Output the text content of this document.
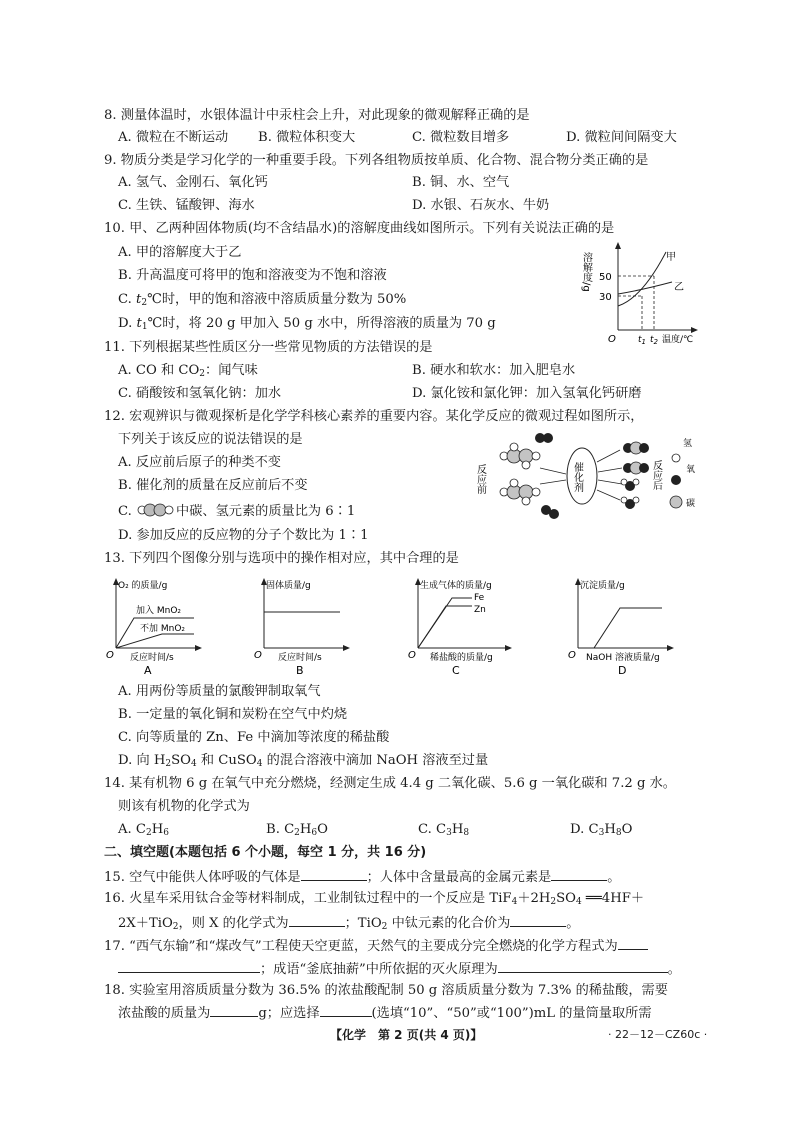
8. 测量体温时，水银体温计中汞柱会上升，对此现象的微观解释正确的是
A. 微粒在不断运动 B. 微粒体积变大	C. 微粒数目增多	D. 微粒间间隔变大
9. 物质分类是学习化学的一种重要手段。下列各组物质按单质、化合物、混合物分类正确的是
A. 氢气、金刚石、氧化钙	B. 铜、水、空气
C. 生铁、锰酸钾、海水	D. 水银、石灰水、牛奶
10. 甲、乙两种固体物质(均不含结晶水)的溶解度曲线如图所示。下列有关说法正确的是
A. 甲的溶解度大于乙
B. 升高温度可将甲的饱和溶液变为不饱和溶液
C. $t_2℃$时，甲的饱和溶液中溶质质量分数为 50%
D. $t_1℃$时，将 20 g 甲加入 50 g 水中，所得溶液的质量为 70 g
溶解度/g 50
30
甲
乙
O $t_1$ $t_2$ 温度/℃
11. 下列根据某些性质区分一些常见物质的方法错误的是
A. CO 和 $CO_2$：闻气味	B. 硬水和软水：加入肥皂水
C. 硝酸铵和氢氧化钠：加水	D. 氯化铵和氯化钾：加入氢氧化钙研磨
12. 宏观辨识与微观探析是化学学科核心素养的重要内容。某化学反应的微观过程如图所示，
下列关于该反应的说法错误的是
A. 反应前后原子的种类不变
B. 催化剂的质量在反应前后不变
C.	中碳、氢元素的质量比为 6∶1
D. 参加反应的反应物的分子个数比为 1∶1
反应前	催化剂	反应后
氢
氧
碳
13. 下列四个图像分别与选项中的操作相对应，其中合理的是
O₂ 的质量/g
加入 MnO₂
不加 MnO₂
O 反应时间/s
A
固体质量/g
O 反应时间/s
B
生成气体的质量/g
Fe
Zn
O 稀盐酸的质量/g
C
沉淀质量/g
O NaOH 溶液质量/g
D
A. 用两份等质量的氯酸钾制取氧气
B. 一定量的氧化铜和炭粉在空气中灼烧
C. 向等质量的 Zn、Fe 中滴加等浓度的稀盐酸
D. 向 $H_2SO_4$ 和 CuSO$_4$ 的混合溶液中滴加 NaOH 溶液至过量
14. 某有机物 6 g 在氧气中充分燃烧，经测定生成 4.4 g 二氧化碳、5.6 g 一氧化碳和 7.2 g 水。
则该有机物的化学式为
A. $C_2H_6$	B. $C_2H_6O$	C. $C_3H_8$	D. $C_3H_8O$
二、填空题(本题包括 6 个小题，每空 1 分，共 16 分)
15. 空气中能供人体呼吸的气体是	；人体中含量最高的金属元素是	。
16. 火星车采用钛合金等材料制成，工业制钛过程中的一个反应是 $TiF_4+2H_2SO_4$ ══4HF＋
2X＋TiO$_2$，则 X 的化学式为	；TiO$_2$ 中钛元素的化合价为	。
17. “西气东输”和“煤改气”工程使天空更蓝，天然气的主要成分完全燃烧的化学方程式为
；成语“釜底抽薪”中所依据的灭火原理为	。
18. 实验室用溶质质量分数为 36.5% 的浓盐酸配制 50 g 溶质质量分数为 7.3% 的稀盐酸，需要
浓盐酸的质量为	g；应选择	(选填“10”、“50”或“100”)mL 的量筒量取所需
【化学　第 2 页(共 4 页)】	· 22－12－CZ60c ·
